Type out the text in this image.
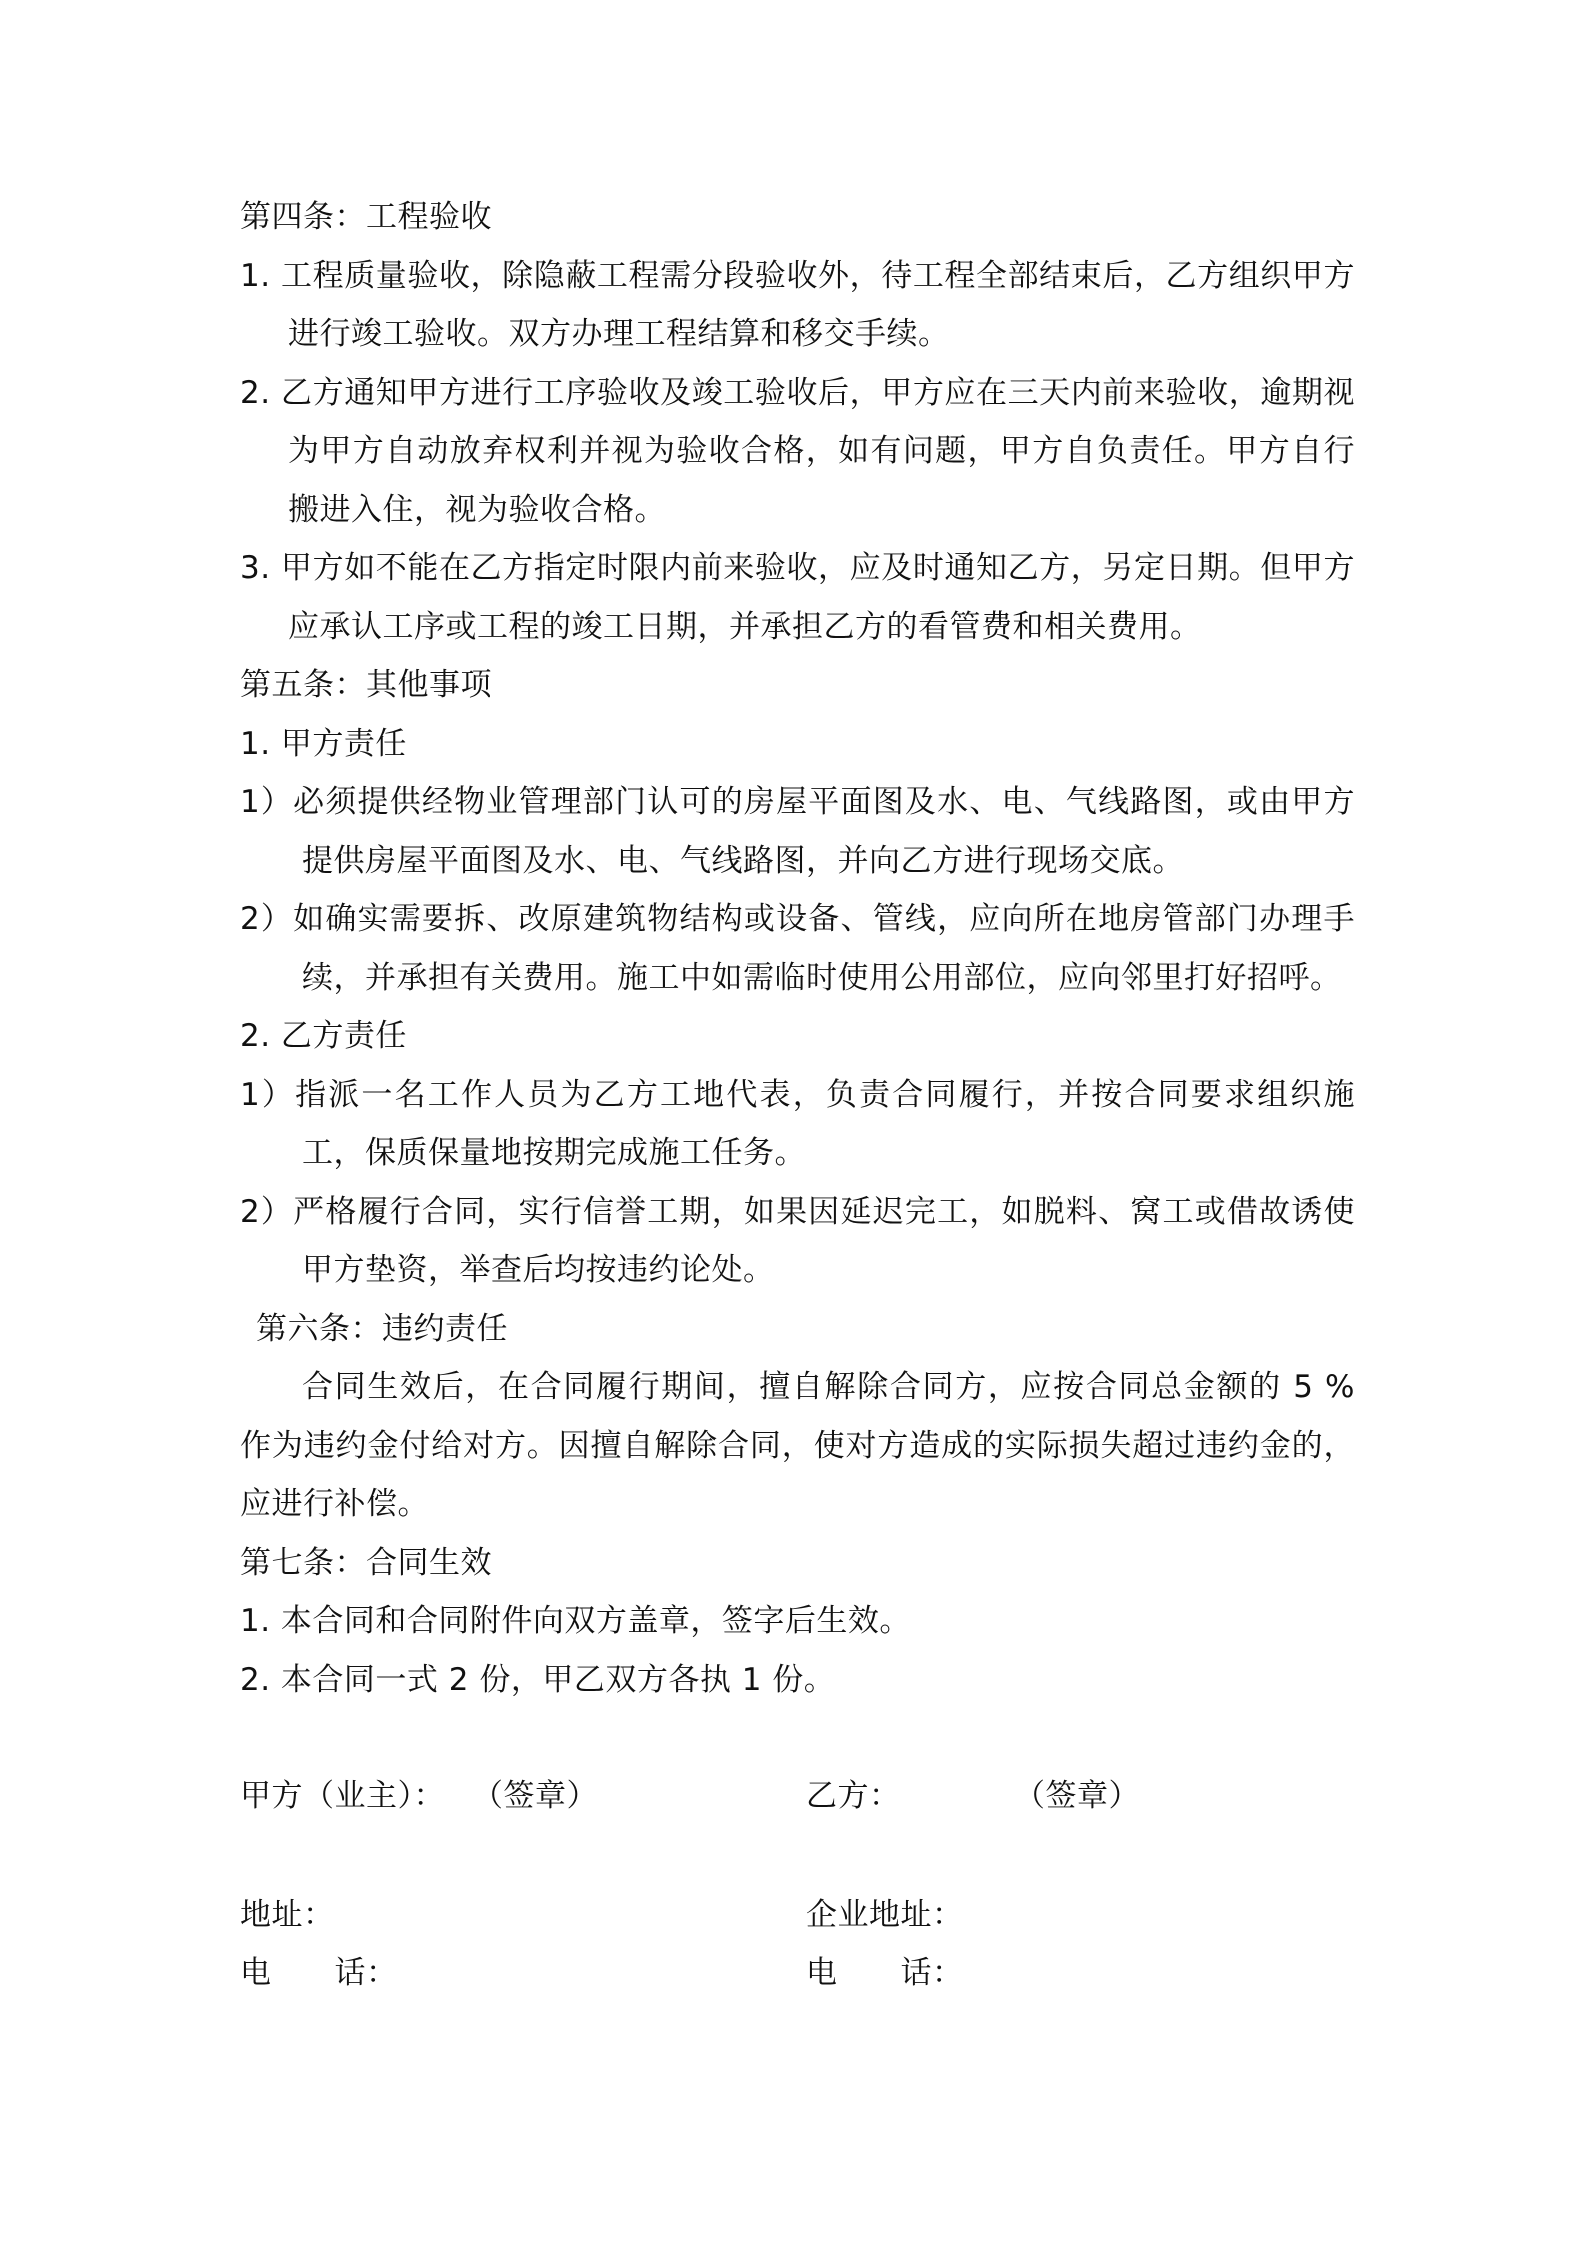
第四条：工程验收
1. 工程质量验收，除隐蔽工程需分段验收外，待工程全部结束后，乙方组织甲方进行竣工验收。双方办理工程结算和移交手续。
2. 乙方通知甲方进行工序验收及竣工验收后，甲方应在三天内前来验收，逾期视为甲方自动放弃权利并视为验收合格，如有问题，甲方自负责任。甲方自行搬进入住，视为验收合格。
3. 甲方如不能在乙方指定时限内前来验收，应及时通知乙方，另定日期。但甲方应承认工序或工程的竣工日期，并承担乙方的看管费和相关费用。
第五条：其他事项
1. 甲方责任
1）必须提供经物业管理部门认可的房屋平面图及水、电、气线路图，或由甲方提供房屋平面图及水、电、气线路图，并向乙方进行现场交底。
2）如确实需要拆、改原建筑物结构或设备、管线，应向所在地房管部门办理手续，并承担有关费用。施工中如需临时使用公用部位，应向邻里打好招呼。
2. 乙方责任
1）指派一名工作人员为乙方工地代表，负责合同履行，并按合同要求组织施工，保质保量地按期完成施工任务。
2）严格履行合同，实行信誉工期，如果因延迟完工，如脱料、窝工或借故诱使甲方垫资，举查后均按违约论处。
第六条：违约责任
合同生效后，在合同履行期间，擅自解除合同方，应按合同总金额的 5 % 作为违约金付给对方。因擅自解除合同，使对方造成的实际损失超过违约金的，应进行补偿。
第七条：合同生效
1. 本合同和合同附件向双方盖章，签字后生效。
2. 本合同一式 2 份，甲乙双方各执 1 份。
甲方（业主）： （签章）	乙方：	（签章）
地址：	企业地址：
电　　话：	电　　话：
